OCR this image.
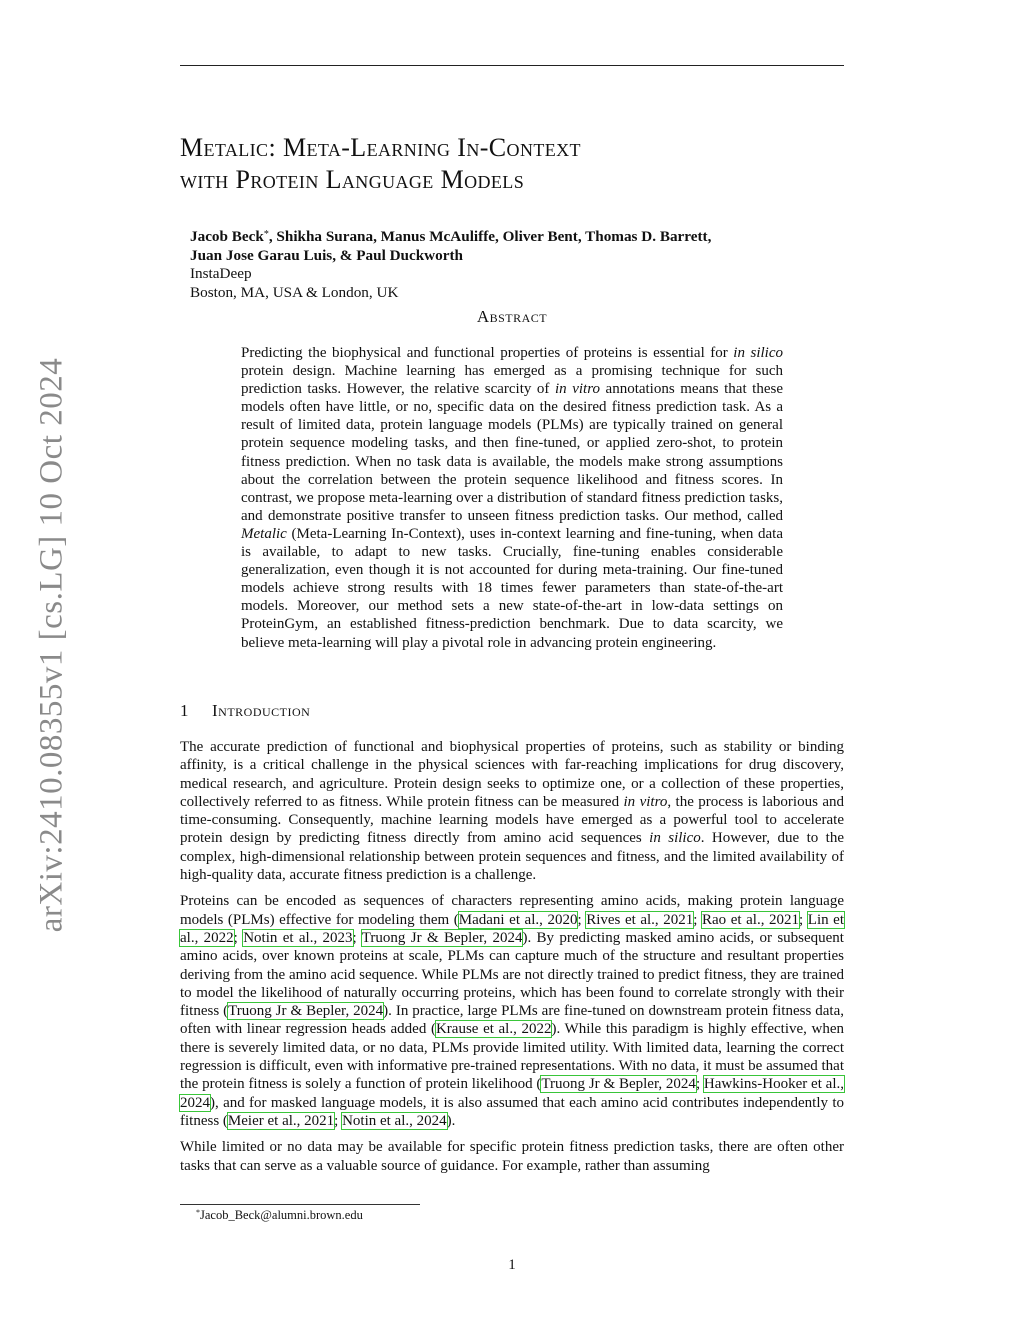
arXiv:2410.08355v1 [cs.LG] 10 Oct 2024
Metalic: Meta-Learning In-Context
with Protein Language Models
Jacob Beck*, Shikha Surana, Manus McAuliffe, Oliver Bent, Thomas D. Barrett,
Juan Jose Garau Luis, & Paul Duckworth
InstaDeep
Boston, MA, USA & London, UK
Abstract
Predicting the biophysical and functional properties of proteins is essential for in silico protein design. Machine learning has emerged as a promising technique for such prediction tasks. However, the relative scarcity of in vitro annotations means that these models often have little, or no, specific data on the desired fitness prediction task. As a result of limited data, protein language models (PLMs) are typically trained on general protein sequence modeling tasks, and then fine-tuned, or applied zero-shot, to protein fitness prediction. When no task data is available, the models make strong assumptions about the correlation between the protein sequence likelihood and fitness scores. In contrast, we propose meta-learning over a distribution of standard fitness prediction tasks, and demonstrate positive transfer to unseen fitness prediction tasks. Our method, called Metalic (Meta-Learning In-Context), uses in-context learning and fine-tuning, when data is available, to adapt to new tasks. Crucially, fine-tuning enables considerable generalization, even though it is not accounted for during meta-training. Our fine-tuned models achieve strong results with 18 times fewer parameters than state-of-the-art models. Moreover, our method sets a new state-of-the-art in low-data settings on ProteinGym, an established fitness-prediction benchmark. Due to data scarcity, we believe meta-learning will play a pivotal role in advancing protein engineering.
1 Introduction

The accurate prediction of functional and biophysical properties of proteins, such as stability or binding affinity, is a critical challenge in the physical sciences with far-reaching implications for drug discovery, medical research, and agriculture. Protein design seeks to optimize one, or a collection of these properties, collectively referred to as fitness. While protein fitness can be measured in vitro, the process is laborious and time-consuming. Consequently, machine learning models have emerged as a powerful tool to accelerate protein design by predicting fitness directly from amino acid sequences in silico. However, due to the complex, high-dimensional relationship between protein sequences and fitness, and the limited availability of high-quality data, accurate fitness prediction is a challenge.

Proteins can be encoded as sequences of characters representing amino acids, making protein language models (PLMs) effective for modeling them (Madani et al., 2020; Rives et al., 2021; Rao et al., 2021; Lin et al., 2022; Notin et al., 2023; Truong Jr & Bepler, 2024). By predicting masked amino acids, or subsequent amino acids, over known proteins at scale, PLMs can capture much of the structure and resultant properties deriving from the amino acid sequence. While PLMs are not directly trained to predict fitness, they are trained to model the likelihood of naturally occurring proteins, which has been found to correlate strongly with their fitness (Truong Jr & Bepler, 2024). In practice, large PLMs are fine-tuned on downstream protein fitness data, often with linear regression heads added (Krause et al., 2022). While this paradigm is highly effective, when there is severely limited data, or no data, PLMs provide limited utility. With limited data, learning the correct regression is difficult, even with informative pre-trained representations. With no data, it must be assumed that the protein fitness is solely a function of protein likelihood (Truong Jr & Bepler, 2024; Hawkins-Hooker et al., 2024), and for masked language models, it is also assumed that each amino acid contributes independently to fitness (Meier et al., 2021; Notin et al., 2024).

While limited or no data may be available for specific protein fitness prediction tasks, there are often other tasks that can serve as a valuable source of guidance. For example, rather than assuming

*Jacob_Beck@alumni.brown.edu
1
